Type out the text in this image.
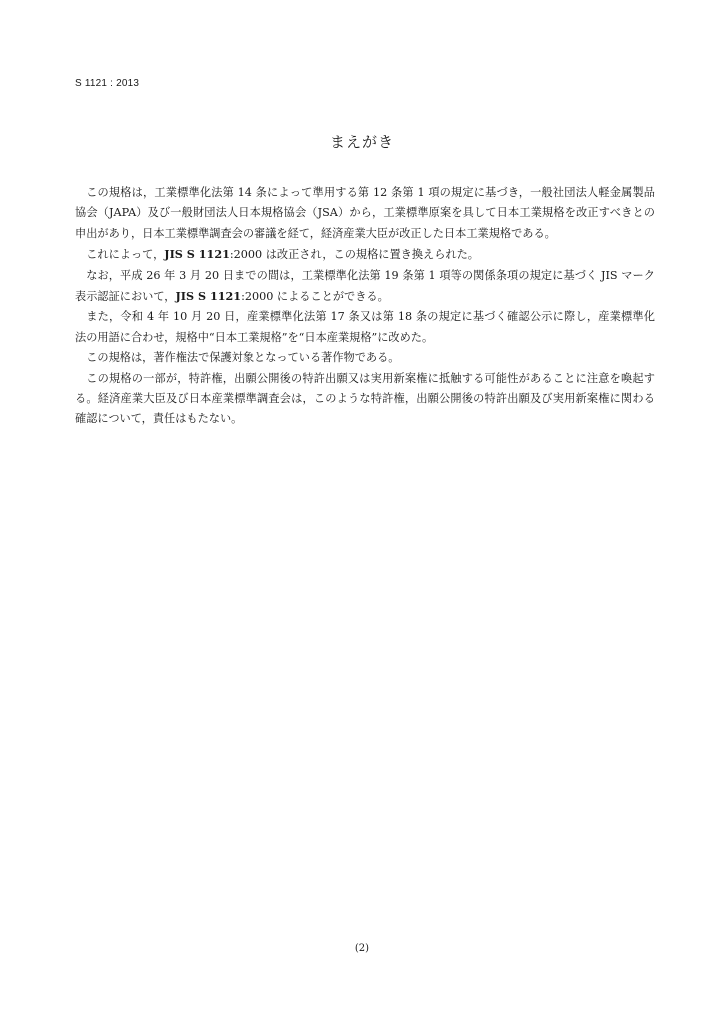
S 1121 : 2013
まえがき

この規格は，工業標準化法第 14 条によって準用する第 12 条第 1 項の規定に基づき，一般社団法人軽金属製品協会（JAPA）及び一般財団法人日本規格協会（JSA）から，工業標準原案を具して日本工業規格を改正すべきとの申出があり，日本工業標準調査会の審議を経て，経済産業大臣が改正した日本工業規格である。

これによって，JIS S 1121:2000 は改正され，この規格に置き換えられた。

なお，平成 26 年 3 月 20 日までの間は，工業標準化法第 19 条第 1 項等の関係条項の規定に基づく JIS マーク表示認証において，JIS S 1121:2000 によることができる。

また，令和 4 年 10 月 20 日，産業標準化法第 17 条又は第 18 条の規定に基づく確認公示に際し，産業標準化法の用語に合わせ，規格中“日本工業規格”を“日本産業規格”に改めた。

この規格は，著作権法で保護対象となっている著作物である。

この規格の一部が，特許権，出願公開後の特許出願又は実用新案権に抵触する可能性があることに注意を喚起する。経済産業大臣及び日本産業標準調査会は，このような特許権，出願公開後の特許出願及び実用新案権に関わる確認について，責任はもたない。

(2)
